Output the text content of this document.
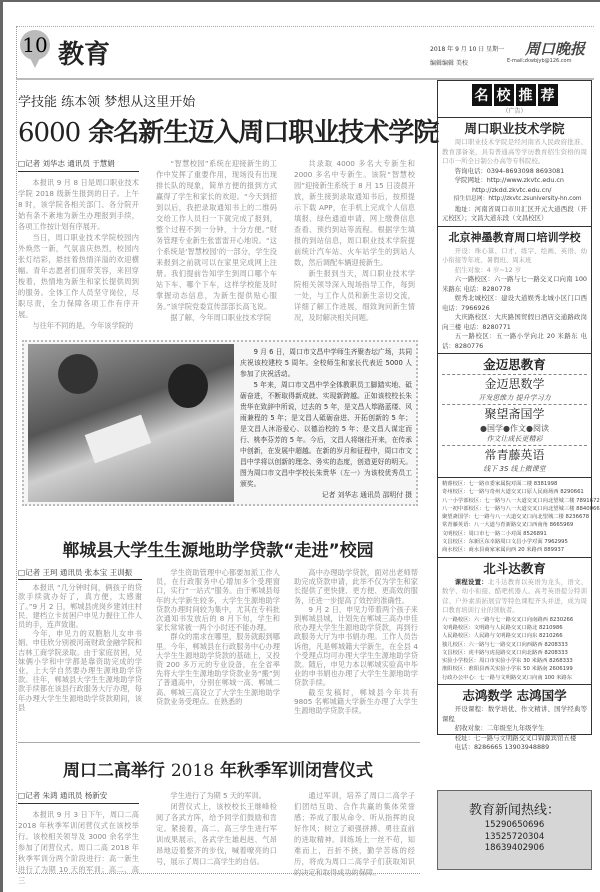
10 教育	2018 年 9 月 10 日 星期一
编辑编辑 美校
周口晚报
E-mail:zkwbjyb@126.com
学技能 练本领 梦想从这里开始
6000 余名新生迈入周口职业技术学院
□记者 刘华志 通讯员 于慧娟

本报讯 9 月 8 日是周口职业技术学院 2018 级新生报到的日子。上午 8 时，该学院各相关部门、各分院开始有条不紊地为新生办理报到手续，各项工作按计划有序展开。

当日，周口职业技术学院校园内外焕然一新，气氛喜庆热烈，校园内张灯结彩，悬挂着热情洋溢的欢迎横幅。青年志愿者们面带笑容，来回穿梭着，热情地为新生和家长提供周到的服务。全体工作人员坚守岗位，尽职尽责，全力保障各项工作有序开展。

与往年不同的是，今年该学院的

“智慧校园”系统在迎接新生的工作中发挥了重要作用，现场没有出现排长队的现象，简单方便的报到方式赢得了学生和家长的欢迎。“今天到招到以后，我把录取通知书上的二维码交给工作人员扫一下就完成了报到，整个过程不到一分钟，十分方便。”财务管理专业新生张雷雷开心地说。“这个系统是‘智慧校园’的一部分，学生没来报到之前就可以在家里完成网上注册。我们提前告知学生到周口哪个车站下车、哪个下车，这样学校能及时掌握动态信息，为新生提供贴心服务。”该学院党委宣传部部长高飞说。

据了解，今年周口职业技术学院

共录取 4000 多名大专新生和 2000 多名中专新生。该院“智慧校园”迎接新生系统于 8 月 15 日凌晨开放，新生接到录取通知书后，按照提示下载 APP，在手机上完成个人信息填报、绿色通道申请、网上缴费信息查看、预约到站等流程。根据学生填报的到站信息，周口职业技术学院提前统计汽车站、火车站学生的到站人数，然后调配车辆迎接新生。

新生报到当天，周口职业技术学院相关领导深入现场指导工作，每到一处，与工作人员和新生亲切交流，详细了解工作进展，细致询问新生情况，及时解决相关问题。

9 月 6 日，周口市文昌中学师生齐聚杏坛广场，共同庆祝该校建校 5 周年。全校师生和家长代表近 5000 人参加了庆祝活动。

5 年来，周口市文昌中学全体教职员工脚踏实地、砥砺奋进，不断取得新成就、实现新跨越。正如该校校长朱贵华在致辞中所说，过去的 5 年，是文昌人筚路蓝缕、风雨兼程的 5 年；是文昌人砥砺奋进、开拓创新的 5 年；是文昌人沐浴爱心、以德治校的 5 年；是文昌人谋定而行、桃李芬芳的 5 年。今后，文昌人将继往开来，在传承中创新，在发展中超越。在新的岁月和征程中，周口市文昌中学将以创新的理念、务实的态度，创造更好的明天。图为周口市文昌中学校长朱贵华（左一）为该校优秀员工颁奖。

记者 刘华志 通讯员 邵明付 摄
郸城县大学生生源地助学贷款“走进”校园
□记者 王珂 通讯员 张本宝 王训振

本报讯 “几分钟时间，俩孩子的贷款手续就办好了，真方便，太感谢了。”9 月 2 日，郸城县虎岗乡建刘庄村民、建档立卡贫困户申见力握住工作人员的手，连声致谢。

今年，申见力的双胞胎儿女申书娟、申佳欣分别被河南财政金融学院和吉林工商学院录取。由于家庭贫困，兄妹俩小学和中学都是靠资助完成的学业，上大学自然要办理生源地助学贷款。往年，郸城县大学生生源地助学贷款手续都在该县行政服务大厅办理，每年办理大学生生源地助学贷款期间，该县

学生资助管理中心都要加派工作人员，在行政服务中心增加多个受理窗口，实行“一站式”服务。由于郸城县每年的大学新生较多，大学生生源地助学贷款办理时间较为集中，尤其在专科批次通知书发放后的 8 月下旬，学生和家长常常被一两个小时还不能办理。

群众的需求在哪里，服务就跟到哪里。今年，郸城县在行政服务中心办理大学生生源地助学贷款的基础上，又投资 200 多万元的专业设备，在全省率先将大学生生源地助学贷款业务“搬”到了普通高中，分别在郸城一高、郸城二高、郸城三高设立了大学生生源地助学贷款业务受理点。在熟悉的

高中办理助学贷款，面对出老师帮助完成贷款申请，此举不仅为学生和家长提供了更快捷、更方便、更高效的服务，还进一步提高了效控的准确性。

9 月 2 日，申见力带着两个孩子来到郸城县城，计划先在郸城三高办申佳欣办理大学生生源地助学贷款，再到行政服务大厅为申书娟办理。工作人员告诉他，凡是郸城籍大学新生，在全县 4 个受理点均可办理大学生生源地助学贷款。随后，申见力本以郸城实验高中毕业的申书娟也办理了大学生生源地助学贷款手续。

截至发稿时，郸城县今年共有 9805 名郸城籍大学新生办理了大学生生源地助学贷款手续。

周口二高举行 2018 年秋季军训闭营仪式
□记者 朱鸿 通讯员 杨新安

本报讯 9 月 3 日下午，周口二高 2018 年秋季军训闭营仪式在该校举行。该校相关领导及 3000 余名学生参加了闭营仪式。周口二高 2018 年秋季军训分两个阶段进行：高一新生进行了为期 10 天的军训；高二、高三

学生进行了为期 5 天的军训。

闭营仪式上，该校校长王继峰检阅了各武方阵，给予同学们鼓励和肯定。紧接着，高二、高三学生进行军训成果展示，各武学生雄赳赳、气昂昂地迈着整齐的步伐，喊着嘹亮的口号，展示了周口二高学生的自信。

通过军训，培养了周口二高学子们团结互助、合作共赢的集体荣誉感；养成了服从命令、听从指挥的良好作风；树立了顽强拼搏、勇往直前的进取精神。训练场上一丝不苟，知难而上，百折不挠，勤学苦练的经历，将成为周口二高学子们获取知识的决定和取得成功的保障。

名 校 推 荐
（广告）
周口职业技术学院
周口职业技术学院是经河南省人民政府批准、教育部备案，具有普通高等学历教育招生资格的周口市一所全日制公办高等专科院校。
咨询电话：0394-8693098 8693081
学院网址：http://www.zkvtc.edu.cn
http://zkdd.zkvtc.edu.cn/
招生信息网：http://zkvtc.zsuniversity-hn.com
地址：河南省周口市川汇区开元大道西段（开元校区）；文昌大道东段（文昌校区）
北京神墨教育周口培训学校
开设：珠心算、口才、练字、绘画、英语、幼小衔接等年班、暑假班、周末班
招生对象：4 岁~12 岁
六一路校区：六一路与七一路交叉口向南 100 米路东 电话：8280778
娱秀北城校区：建设大道娱秀北城小区门口西 电话：7966926
大庆路校区：大庆路国贸假日酒店交通路政岗向三楼 电话：8280771
五一路校区：五一路小学向北 20 米路东 电话：8280776
金迈思教育
金迈思数学
开发思维力 提升学习力
聚望斋国学
●国学●作文●阅读
作文让成长更精彩
常青藤英语
线下 3S 线上微课堂
精睿校区：七一路市委家属院对面二楼 8381998
奇州校区：七一路与奇州大道交叉口原人民商场西 8290661
八一小学部校区：七一路与八一大道交叉口向北望城二楼 7891672
八一初中部校区：七一路与八一大道交叉口向北望城三楼 8840066
聚望斋国学：七一路与八一大道交叉口向北望城二楼 8236678
常青藤英语：八一大道与育新路交叉口西南角 8665969
文明校区：周口市七一路二小对面 8526891
文昌校区：东新区东幸路周口文昌小学对面 7962995
商水校区：商水县商家家属向西 20 米路西 889937
北斗达教育
课程设置：北斗达教育以英语为龙头，语文、数学、幼小衔接、酷吧机器人、高考英语提分特训营、户外素质拓展营等特色课程齐头并进，成为周口教育培训行业的领航者。
六一路校区：六一路与七一路交叉口向南路西 8230266
文明路校区：文明路与人民路交叉口路北 8210986
人民路校区：人民路与文明路交叉口向东 8210266
独儿校区：六一路与七一路交叉口向西路西 8208333
文昌校区：虎丰路与虎昆路交叉口向北路西 8208333
实验小学校区：周口市实验小学东 30 米路西 8268333
淮阳校区：淮阳县西关实验小学东 50 米路南 2606199
行政办公中心：七一路与文明路交叉口向南 100 米路东
志鸿数学 志鸿国学
开设课程：数学培优、作文精讲、国学经典等课程
招收对象：二年级至九年级学生
校址：七一路与文明路交叉口锦源宾馆五楼
电话：8286665 13903948889
教育新闻热线：
15290650696
13525720304
18639402906
